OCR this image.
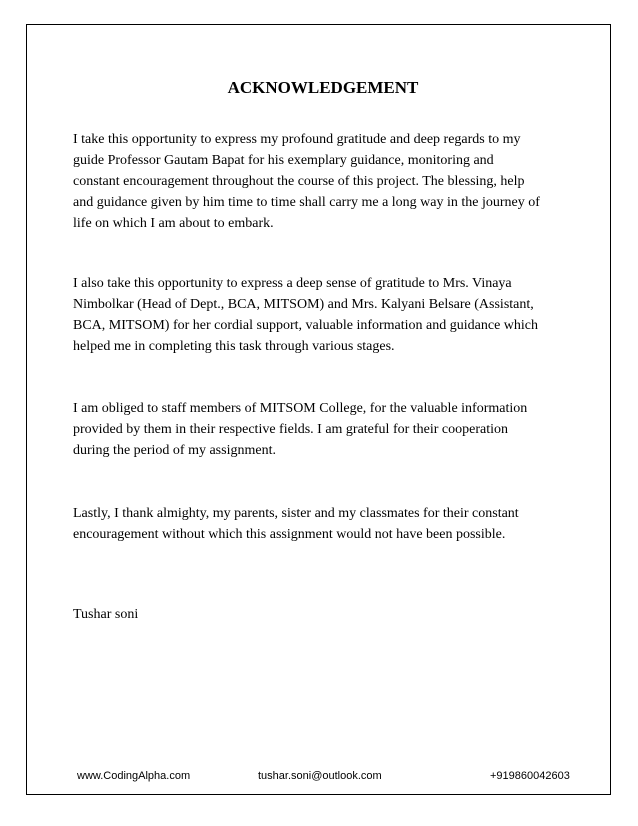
ACKNOWLEDGEMENT

I take this opportunity to express my profound gratitude and deep regards to my
guide Professor Gautam Bapat for his exemplary guidance, monitoring and
constant encouragement throughout the course of this project. The blessing, help
and guidance given by him time to time shall carry me a long way in the journey of
life on which I am about to embark.

I also take this opportunity to express a deep sense of gratitude to Mrs. Vinaya
Nimbolkar (Head of Dept., BCA, MITSOM) and Mrs. Kalyani Belsare (Assistant,
BCA, MITSOM) for her cordial support, valuable information and guidance which
helped me in completing this task through various stages.

I am obliged to staff members of MITSOM College, for the valuable information
provided by them in their respective fields. I am grateful for their cooperation
during the period of my assignment.

Lastly, I thank almighty, my parents, sister and my classmates for their constant
encouragement without which this assignment would not have been possible.

Tushar soni

www.CodingAlpha.com	tushar.soni@outlook.com	+919860042603
